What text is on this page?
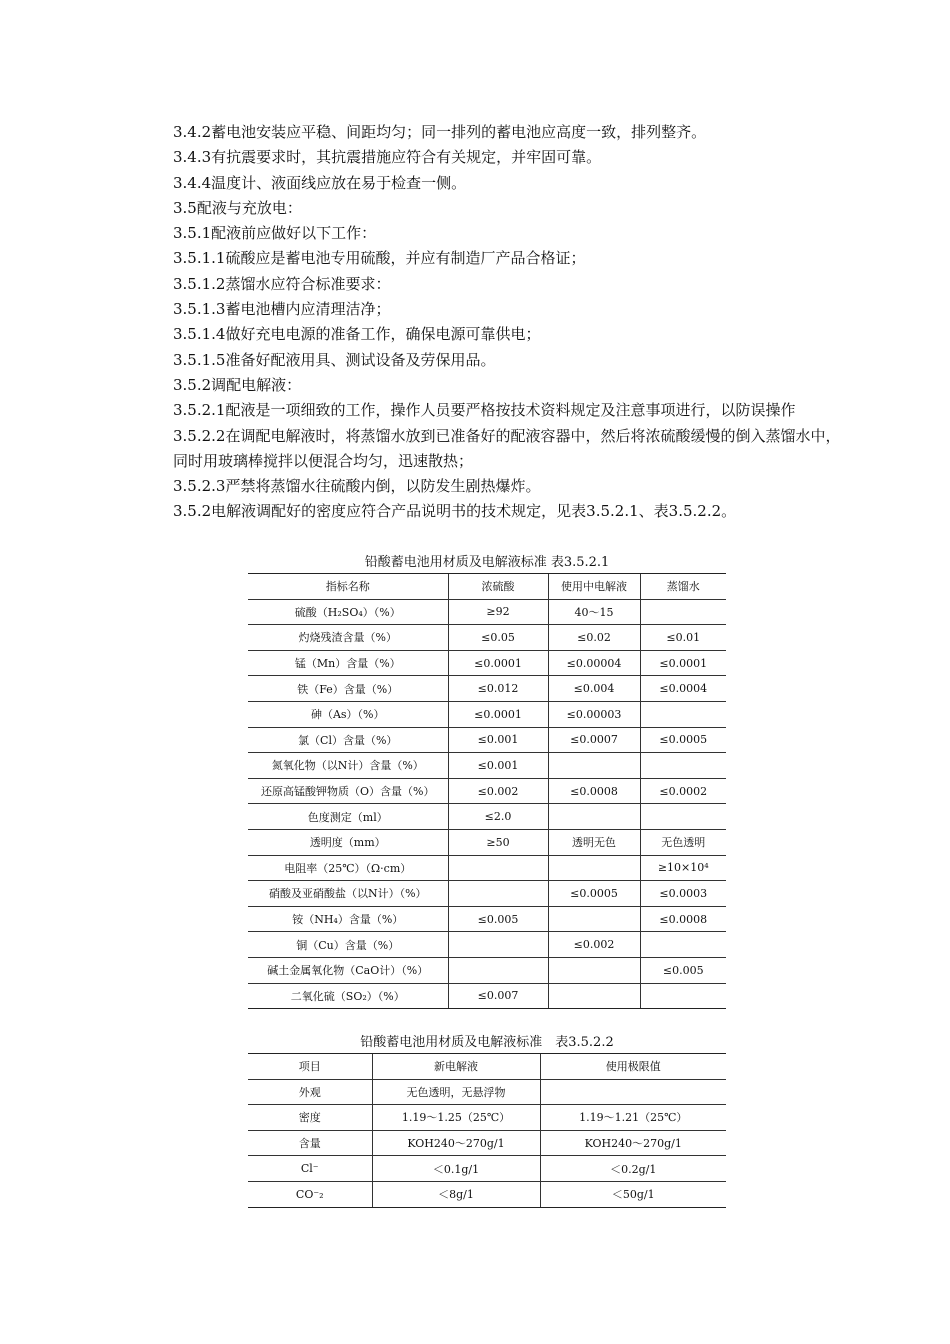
3.4.2蓄电池安装应平稳、间距均匀；同一排列的蓄电池应高度一致，排列整齐。

3.4.3有抗震要求时，其抗震措施应符合有关规定，并牢固可靠。

3.4.4温度计、液面线应放在易于检查一侧。

3.5配液与充放电：

3.5.1配液前应做好以下工作：

3.5.1.1硫酸应是蓄电池专用硫酸，并应有制造厂产品合格证；

3.5.1.2蒸馏水应符合标准要求：

3.5.1.3蓄电池槽内应清理洁净；

3.5.1.4做好充电电源的准备工作，确保电源可靠供电；

3.5.1.5准备好配液用具、测试设备及劳保用品。

3.5.2调配电解液：

3.5.2.1配液是一项细致的工作，操作人员要严格按技术资料规定及注意事项进行，以防误操作

3.5.2.2在调配电解液时，将蒸馏水放到已准备好的配液容器中，然后将浓硫酸缓慢的倒入蒸馏水中，同时用玻璃棒搅拌以便混合均匀，迅速散热；

3.5.2.3严禁将蒸馏水往硫酸内倒，以防发生剧热爆炸。

3.5.2电解液调配好的密度应符合产品说明书的技术规定，见表3.5.2.1、表3.5.2.2。

铅酸蓄电池用材质及电解液标准 表3.5.2.1
指标名称	浓硫酸	使用中电解液	蒸馏水
硫酸（H₂SO₄）（%）	≥92	40～15	
灼烧残渣含量（%）	≤0.05	≤0.02	≤0.01
锰（Mn）含量（%）	≤0.0001	≤0.00004	≤0.0001
铁（Fe）含量（%）	≤0.012	≤0.004	≤0.0004
砷（As）（%）	≤0.0001	≤0.00003	
氯（Cl）含量（%）	≤0.001	≤0.0007	≤0.0005
氮氧化物（以N计）含量（%）	≤0.001		
还原高锰酸钾物质（O）含量（%）	≤0.002	≤0.0008	≤0.0002
色度测定（ml）	≤2.0		
透明度（mm）	≥50	透明无色	无色透明
电阻率（25℃）（Ω·cm）			≥10×10⁴
硝酸及亚硝酸盐（以N计）（%）		≤0.0005	≤0.0003
铵（NH₄）含量（%）	≤0.005		≤0.0008
铜（Cu）含量（%）		≤0.002	
碱土金属氧化物（CaO计）（%）			≤0.005
二氧化硫（SO₂）（%）	≤0.007		
铅酸蓄电池用材质及电解液标准　表3.5.2.2
项目	新电解液	使用极限值
外观	无色透明，无悬浮物	
密度	1.19～1.25（25℃）	1.19～1.21（25℃）
含量	KOH240～270g/1	KOH240～270g/1
Cl⁻	＜0.1g/1	＜0.2g/1
CO⁻₂	＜8g/1	＜50g/1
